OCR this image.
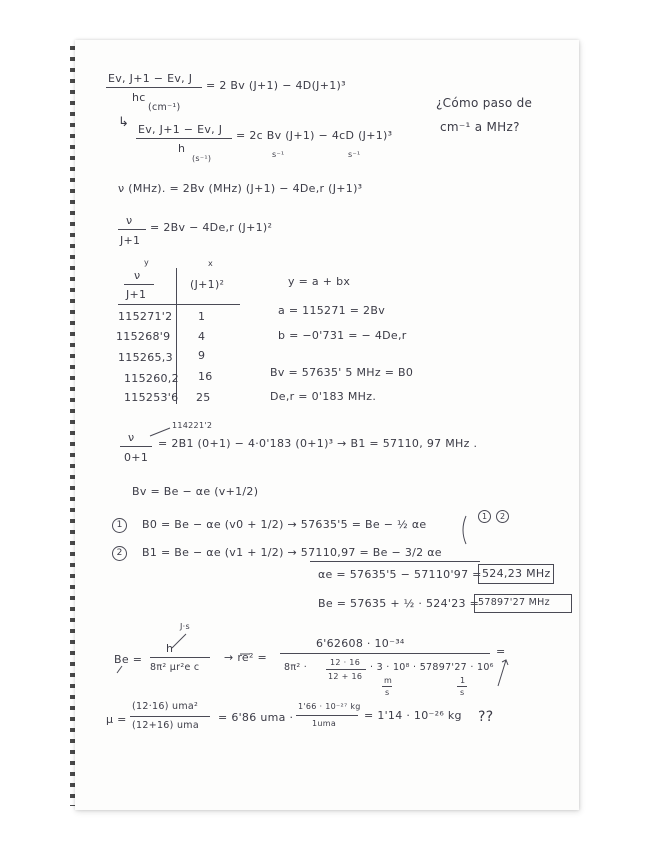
Ev, J+1 − Ev, J
= 2 Bv (J+1) − 4D(J+1)³
hc
(cm⁻¹)	¿Cómo paso de
cm⁻¹ a MHz?
↳ Ev, J+1 − Ev, J = 2c Bv (J+1) − 4cD (J+1)³
h
(s⁻¹)	s⁻¹	s⁻¹
ν (MHz). = 2Bv (MHz) (J+1) − 4De,r (J+1)³
ν
J+1
= 2Bv − 4De,r (J+1)²
y	x
ν
J+1
(J+1)²
115271'2 1
115268'9	4
115265,3 9
115260,2 16
115253'6 25
y = a + bx
a = 115271 = 2Bv
b = −0'731 = − 4De,r
Bv = 57635' 5 MHz = B0
De,r = 0'183 MHz.
114221'2
ν
0+1
= 2B1 (0+1) − 4·0'183 (0+1)³ → B1 = 57110, 97 MHz .
Bv = Be − αe (v+1/2)
1	B0 = Be − αe (v0 + 1/2) → 57635'5 = Be − ½ αe
2	B1 = Be − αe (v1 + 1/2) → 57110,97 = Be − 3/2 αe
1	2
αe = 57635'5 − 57110'97 = 524,23 MHz
Be = 57635 + ½ · 524'23 =
57897'27 MHz
J·s
Be =
h
8π² μr²e c
→ re² =
6'62608 · 10⁻³⁴
8π² ·	12 · 16
12 + 16
· 3 · 10⁸ · 57897'27 · 10⁶
m
s
1
s
=
μ =
(12·16) uma²
(12+16) uma
= 6'86 uma ·
1'66 · 10⁻²⁷ kg
1uma
= 1'14 · 10⁻²⁶ kg ??
